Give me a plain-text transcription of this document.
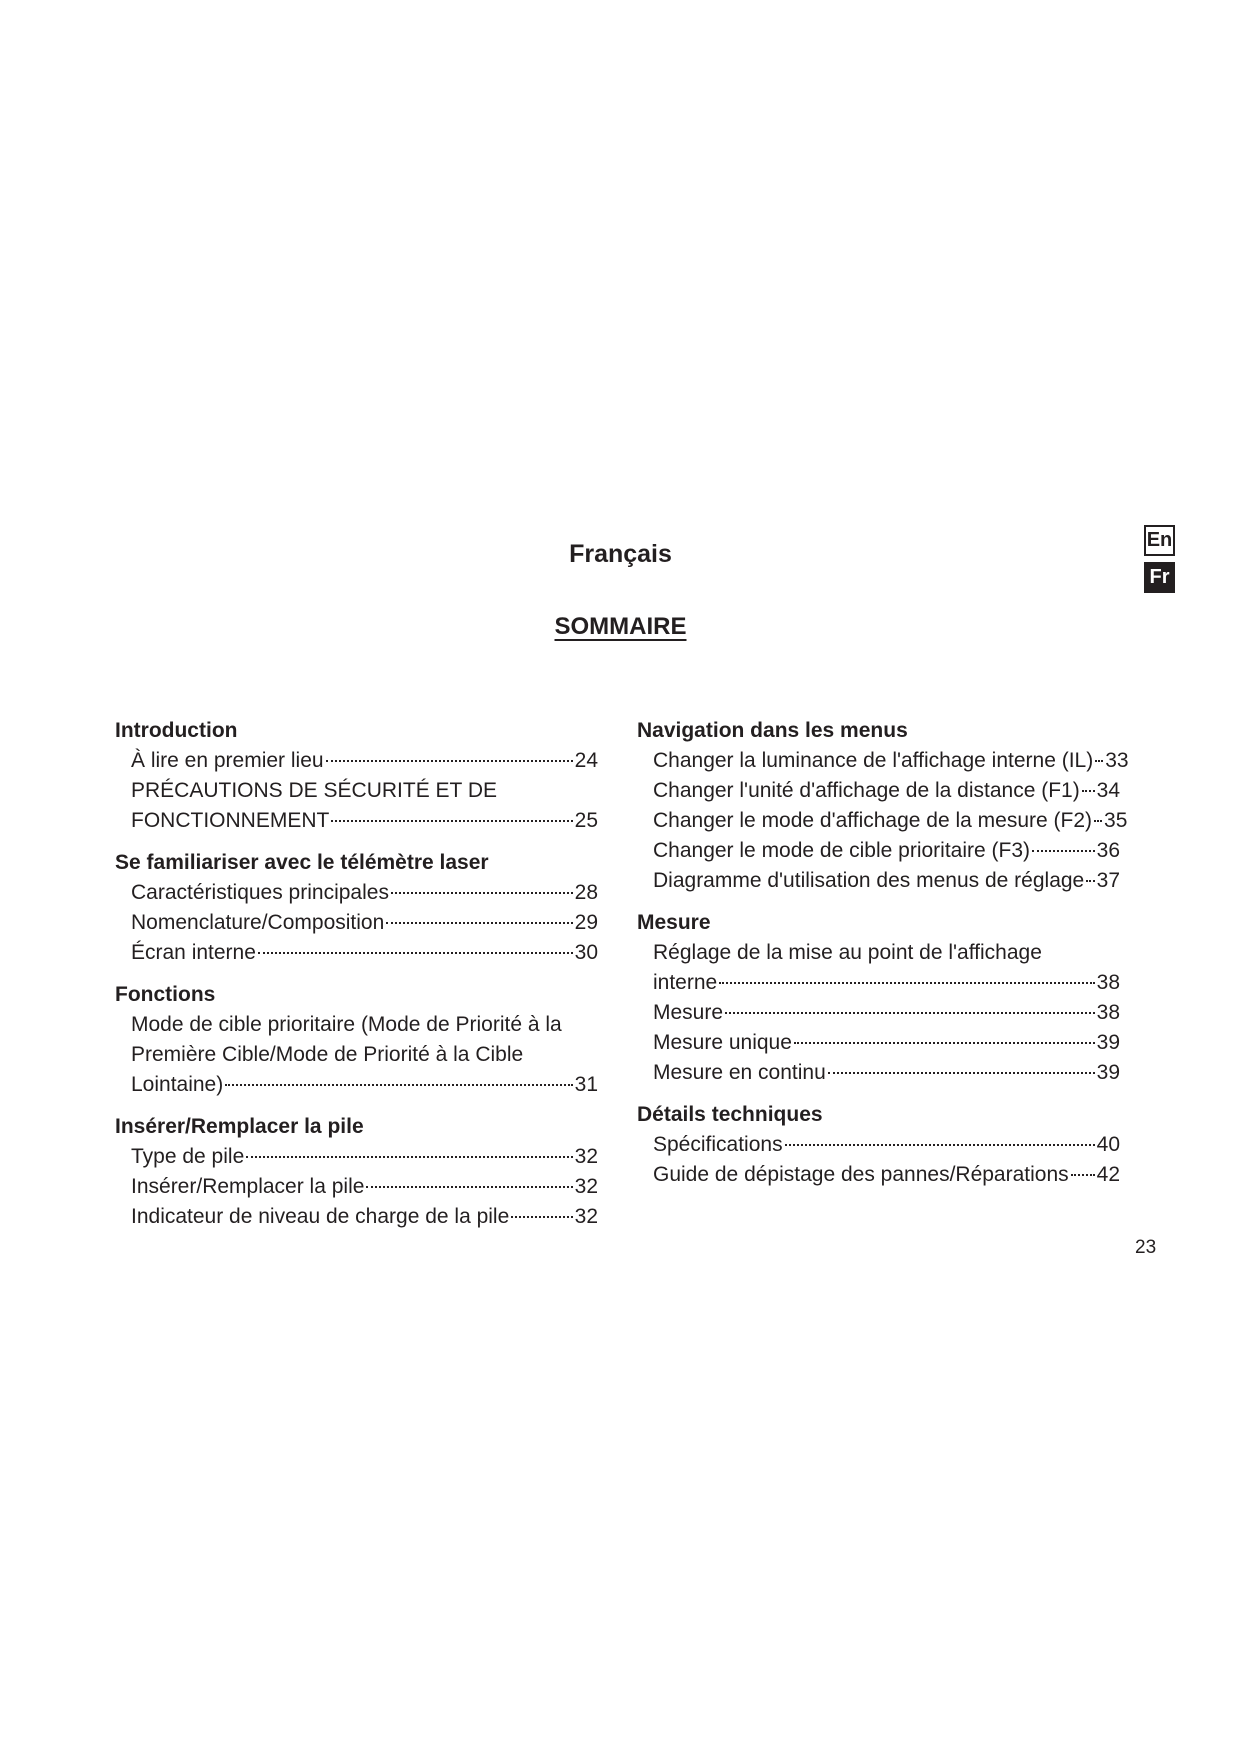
Français
SOMMAIRE
En
Fr
Introduction
À lire en premier lieu	24
PRÉCAUTIONS DE SÉCURITÉ ET DE
FONCTIONNEMENT	25
Se familiariser avec le télémètre laser
Caractéristiques principales	28
Nomenclature/Composition	29
Écran interne	30
Fonctions
Mode de cible prioritaire (Mode de Priorité à la
Première Cible/Mode de Priorité à la Cible
Lointaine)	31
Insérer/Remplacer la pile
Type de pile	32
Insérer/Remplacer la pile	32
Indicateur de niveau de charge de la pile	32
Navigation dans les menus
Changer la luminance de l'affichage interne (IL) 33
Changer l'unité d'affichage de la distance (F1) 34
Changer le mode d'affichage de la mesure (F2) 35
Changer le mode de cible prioritaire (F3)	36
Diagramme d'utilisation des menus de réglage 37
Mesure
Réglage de la mise au point de l'affichage
interne	38
Mesure	38
Mesure unique	39
Mesure en continu	39
Détails techniques
Spécifications	40
Guide de dépistage des pannes/Réparations 42
23
